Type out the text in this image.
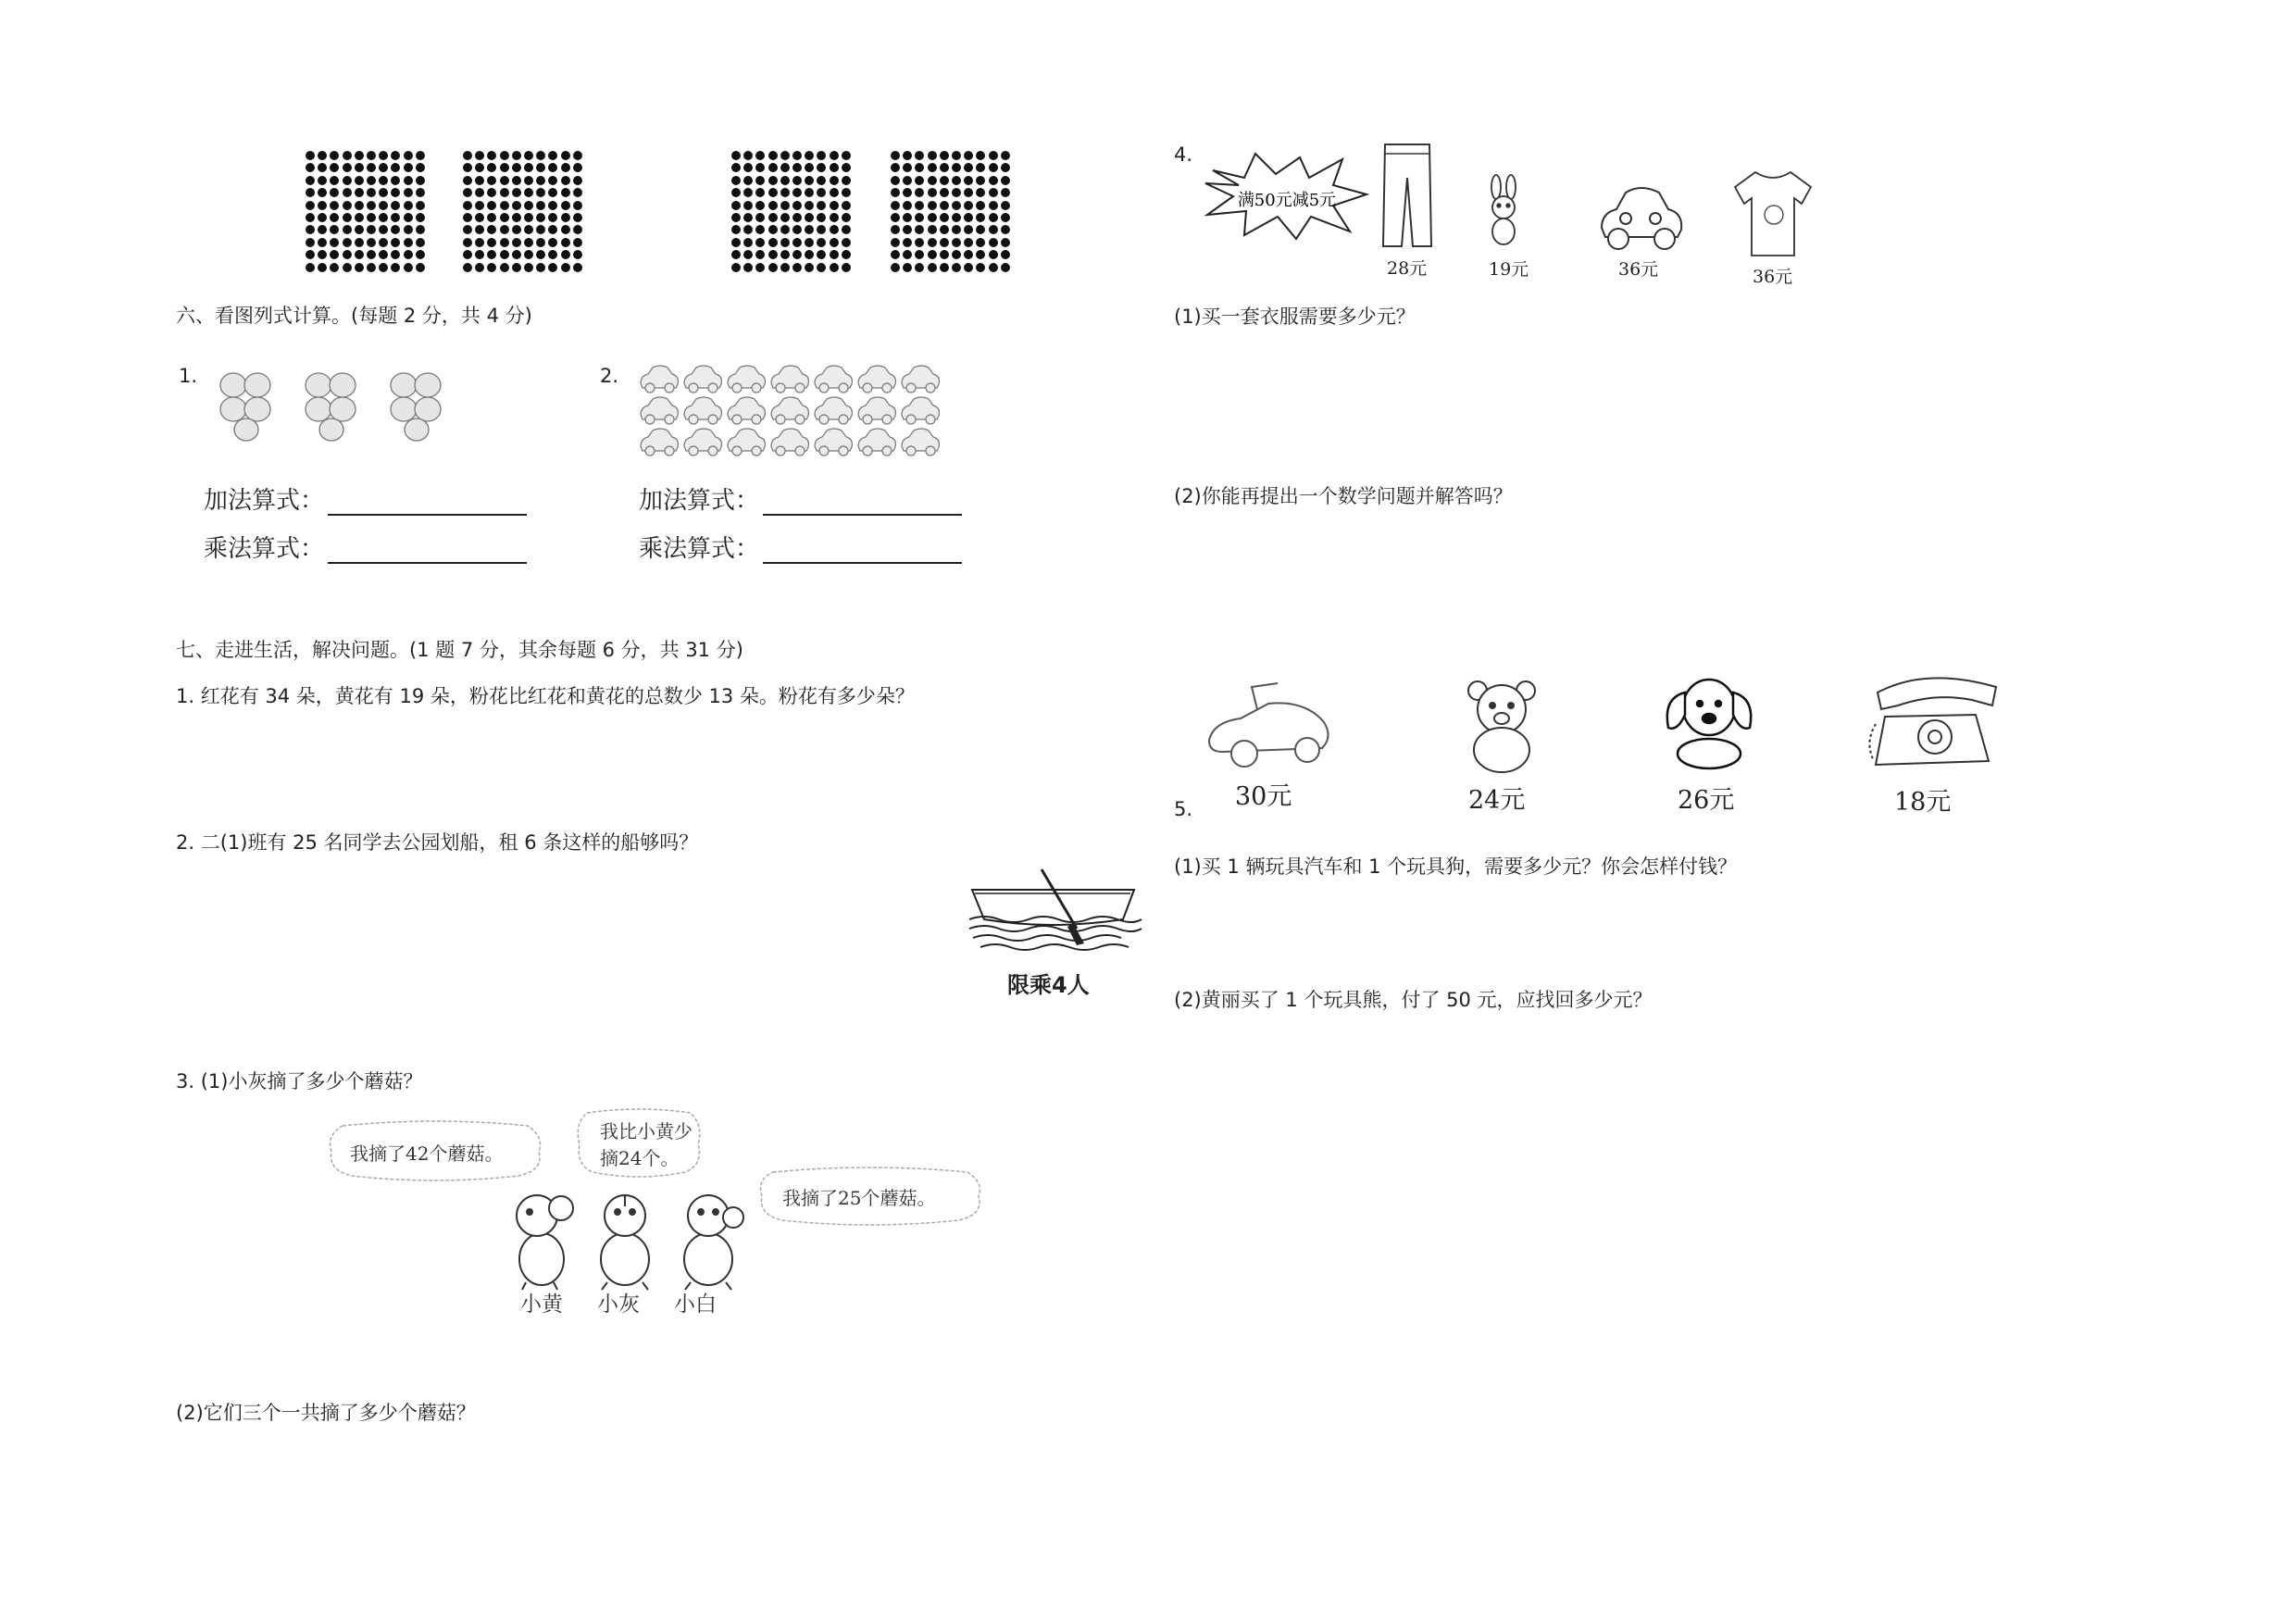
六、看图列式计算。(每题 2 分，共 4 分)
1.
加法算式：
乘法算式：
2.
加法算式：
乘法算式：
七、走进生活，解决问题。(1 题 7 分，其余每题 6 分，共 31 分)
1. 红花有 34 朵，黄花有 19 朵，粉花比红花和黄花的总数少 13 朵。粉花有多少朵？
2. 二(1)班有 25 名同学去公园划船，租 6 条这样的船够吗？
限乘4人
3. (1)小灰摘了多少个蘑菇？
我摘了42个蘑菇。
我比小黄少
摘24个。
我摘了25个蘑菇。
小黄 小灰 小白
(2)它们三个一共摘了多少个蘑菇？
4.
满50元减5元
28元	19元	36元	36元
(1)买一套衣服需要多少元？
(2)你能再提出一个数学问题并解答吗？
30元	24元	26元	18元
5.
(1)买 1 辆玩具汽车和 1 个玩具狗，需要多少元？你会怎样付钱？
(2)黄丽买了 1 个玩具熊，付了 50 元，应找回多少元？
